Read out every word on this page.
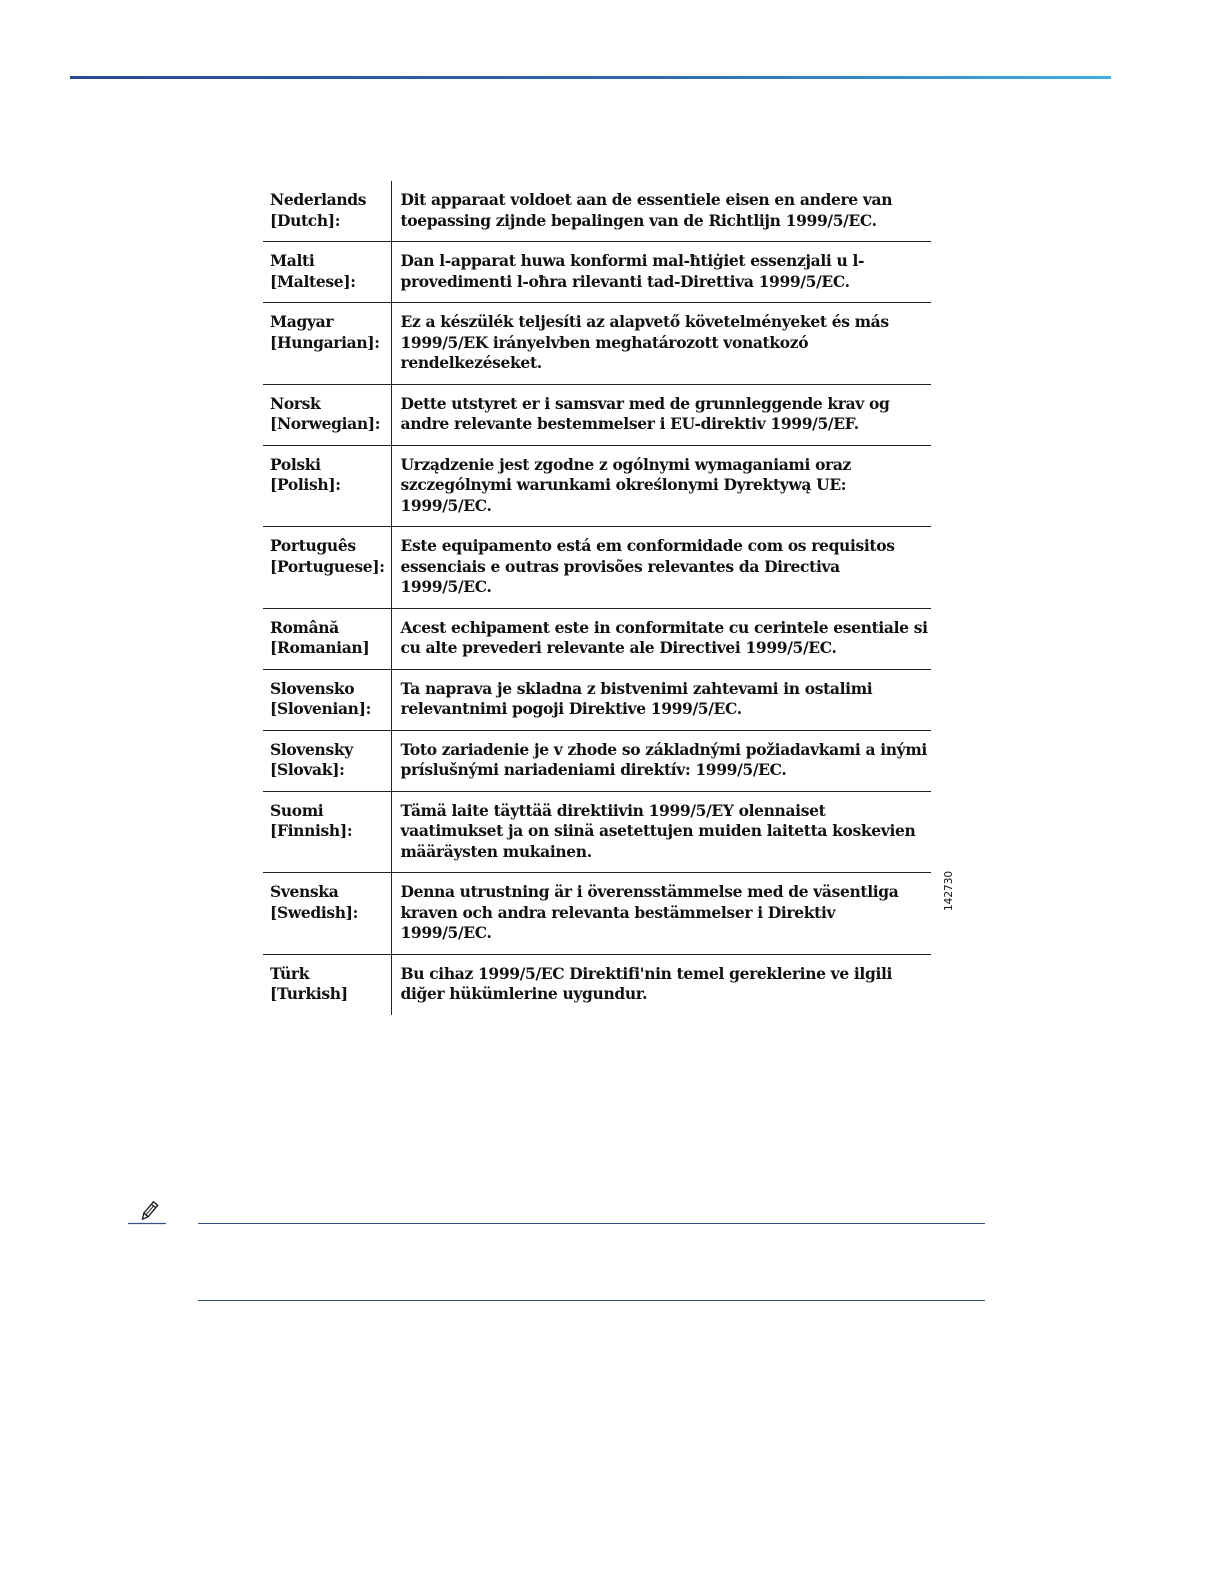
Nederlands
[Dutch]:	Dit apparaat voldoet aan de essentiele eisen en andere van toepassing zijnde bepalingen van de Richtlijn 1999/5/EC.

Malti
[Maltese]:	Dan l-apparat huwa konformi mal-ħtiġiet essenzjali u l-provedimenti l-oħra rilevanti tad-Direttiva 1999/5/EC.

Magyar
[Hungarian]:	Ez a készülék teljesíti az alapvető követelményeket és más 1999/5/EK irányelvben meghatározott vonatkozó rendelkezéseket.

Norsk
[Norwegian]:	Dette utstyret er i samsvar med de grunnleggende krav og andre relevante bestemmelser i EU-direktiv 1999/5/EF.

Polski
[Polish]:	Urządzenie jest zgodne z ogólnymi wymaganiami oraz szczególnymi warunkami określonymi Dyrektywą UE: 1999/5/EC.

Português
[Portuguese]:	Este equipamento está em conformidade com os requisitos essenciais e outras provisões relevantes da Directiva 1999/5/EC.

Română
[Romanian]	Acest echipament este in conformitate cu cerintele esentiale si cu alte prevederi relevante ale Directivei 1999/5/EC.

Slovensko
[Slovenian]:	Ta naprava je skladna z bistvenimi zahtevami in ostalimi relevantnimi pogoji Direktive 1999/5/EC.

Slovensky
[Slovak]:	Toto zariadenie je v zhode so základnými požiadavkami a inými príslušnými nariadeniami direktív: 1999/5/EC.

Suomi
[Finnish]:	Tämä laite täyttää direktiivin 1999/5/EY olennaiset vaatimukset ja on siinä asetettujen muiden laitetta koskevien määräysten mukainen.

Svenska
[Swedish]:	Denna utrustning är i överensstämmelse med de väsentliga kraven och andra relevanta bestämmelser i Direktiv 1999/5/EC.

Türk
[Turkish]	Bu cihaz 1999/5/EC Direktifi'nin temel gereklerine ve ilgili diğer hükümlerine uygundur.
142730
